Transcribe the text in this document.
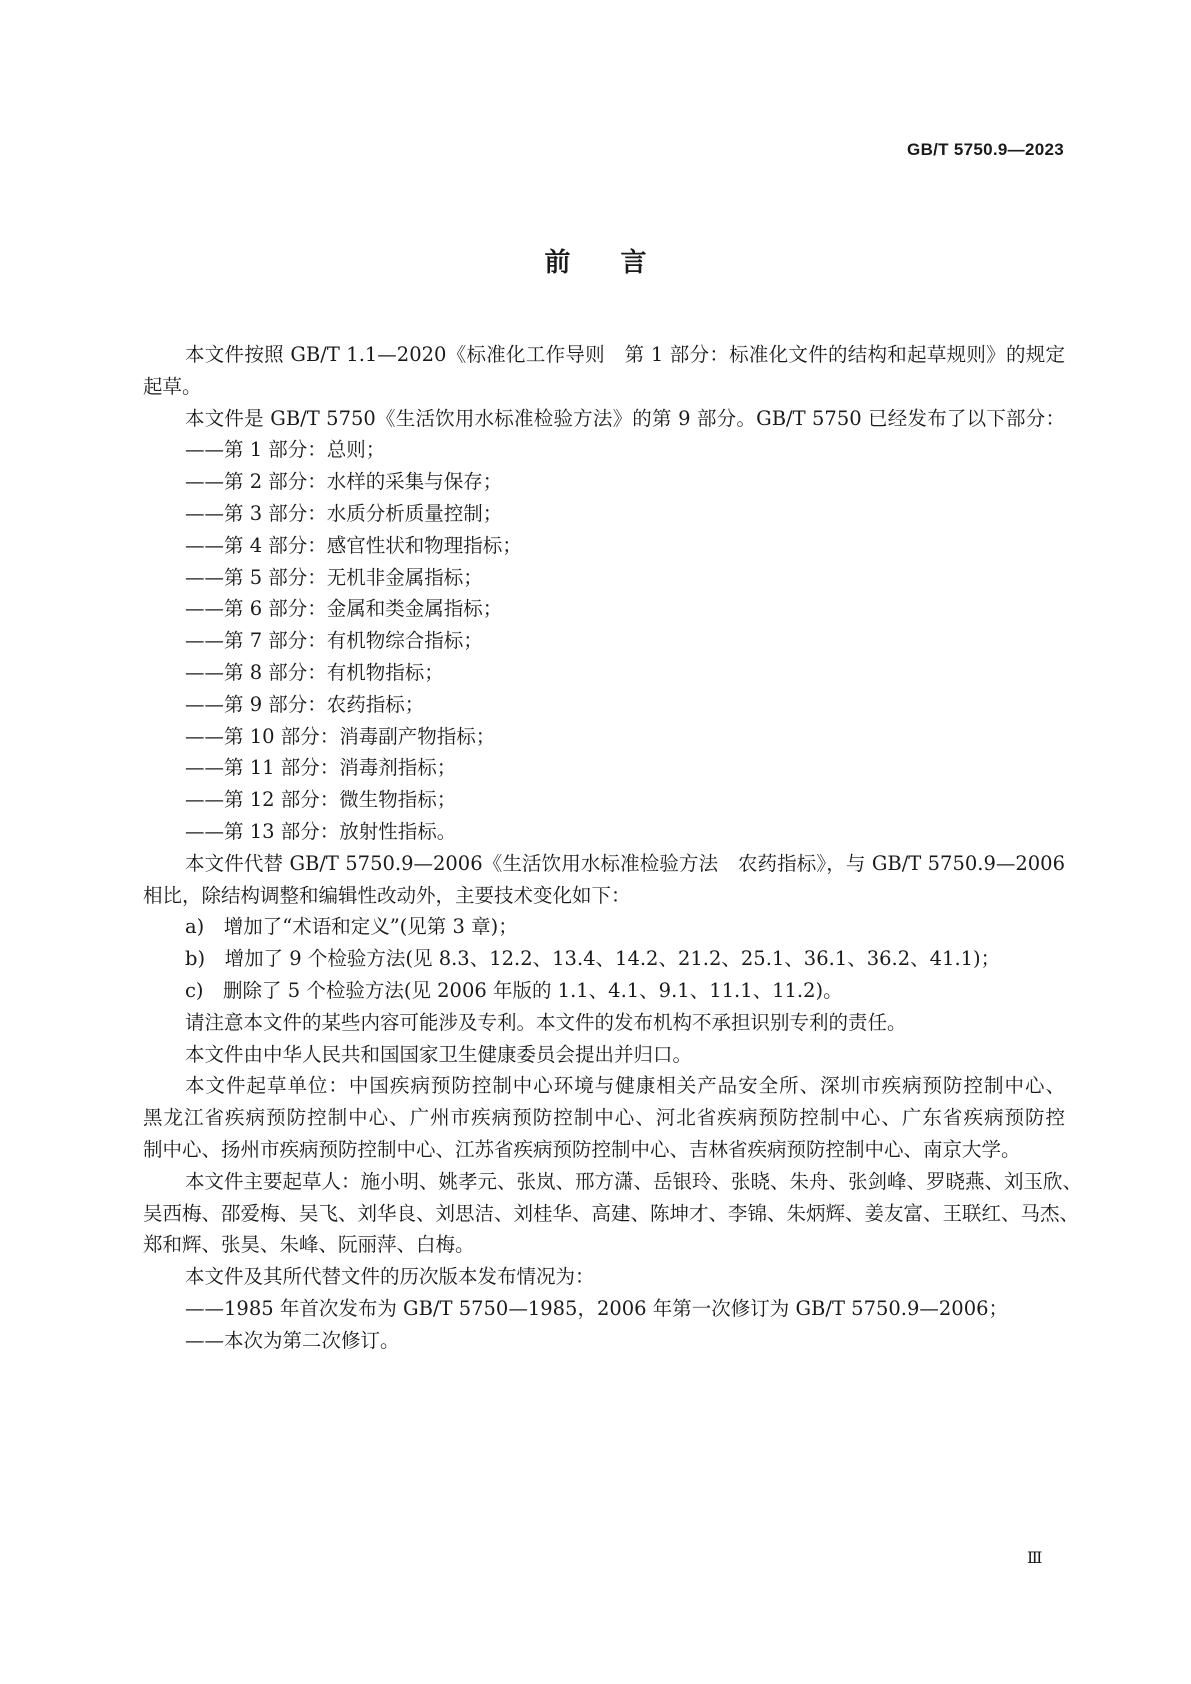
GB/T 5750.9—2023
前言
本文件按照 GB/T 1.1—2020《标准化工作导则　第 1 部分：标准化文件的结构和起草规则》的规定
起草。
本文件是 GB/T 5750《生活饮用水标准检验方法》的第 9 部分。GB/T 5750 已经发布了以下部分：
——第 1 部分：总则；
——第 2 部分：水样的采集与保存；
——第 3 部分：水质分析质量控制；
——第 4 部分：感官性状和物理指标；
——第 5 部分：无机非金属指标；
——第 6 部分：金属和类金属指标；
——第 7 部分：有机物综合指标；
——第 8 部分：有机物指标；
——第 9 部分：农药指标；
——第 10 部分：消毒副产物指标；
——第 11 部分：消毒剂指标；
——第 12 部分：微生物指标；
——第 13 部分：放射性指标。
本文件代替 GB/T 5750.9—2006《生活饮用水标准检验方法　农药指标》，与 GB/T 5750.9—2006
相比，除结构调整和编辑性改动外，主要技术变化如下：
a)　增加了“术语和定义”(见第 3 章)；
b)　增加了 9 个检验方法(见 8.3、12.2、13.4、14.2、21.2、25.1、36.1、36.2、41.1)；
c)　删除了 5 个检验方法(见 2006 年版的 1.1、4.1、9.1、11.1、11.2)。
请注意本文件的某些内容可能涉及专利。本文件的发布机构不承担识别专利的责任。
本文件由中华人民共和国国家卫生健康委员会提出并归口。
本文件起草单位：中国疾病预防控制中心环境与健康相关产品安全所、深圳市疾病预防控制中心、
黑龙江省疾病预防控制中心、广州市疾病预防控制中心、河北省疾病预防控制中心、广东省疾病预防控
制中心、扬州市疾病预防控制中心、江苏省疾病预防控制中心、吉林省疾病预防控制中心、南京大学。
本文件主要起草人：施小明、姚孝元、张岚、邢方潇、岳银玲、张晓、朱舟、张剑峰、罗晓燕、刘玉欣、
吴西梅、邵爱梅、吴飞、刘华良、刘思洁、刘桂华、高建、陈坤才、李锦、朱炳辉、姜友富、王联红、马杰、
郑和辉、张昊、朱峰、阮丽萍、白梅。
本文件及其所代替文件的历次版本发布情况为：
——1985 年首次发布为 GB/T 5750—1985，2006 年第一次修订为 GB/T 5750.9—2006；
——本次为第二次修订。
Ⅲ
